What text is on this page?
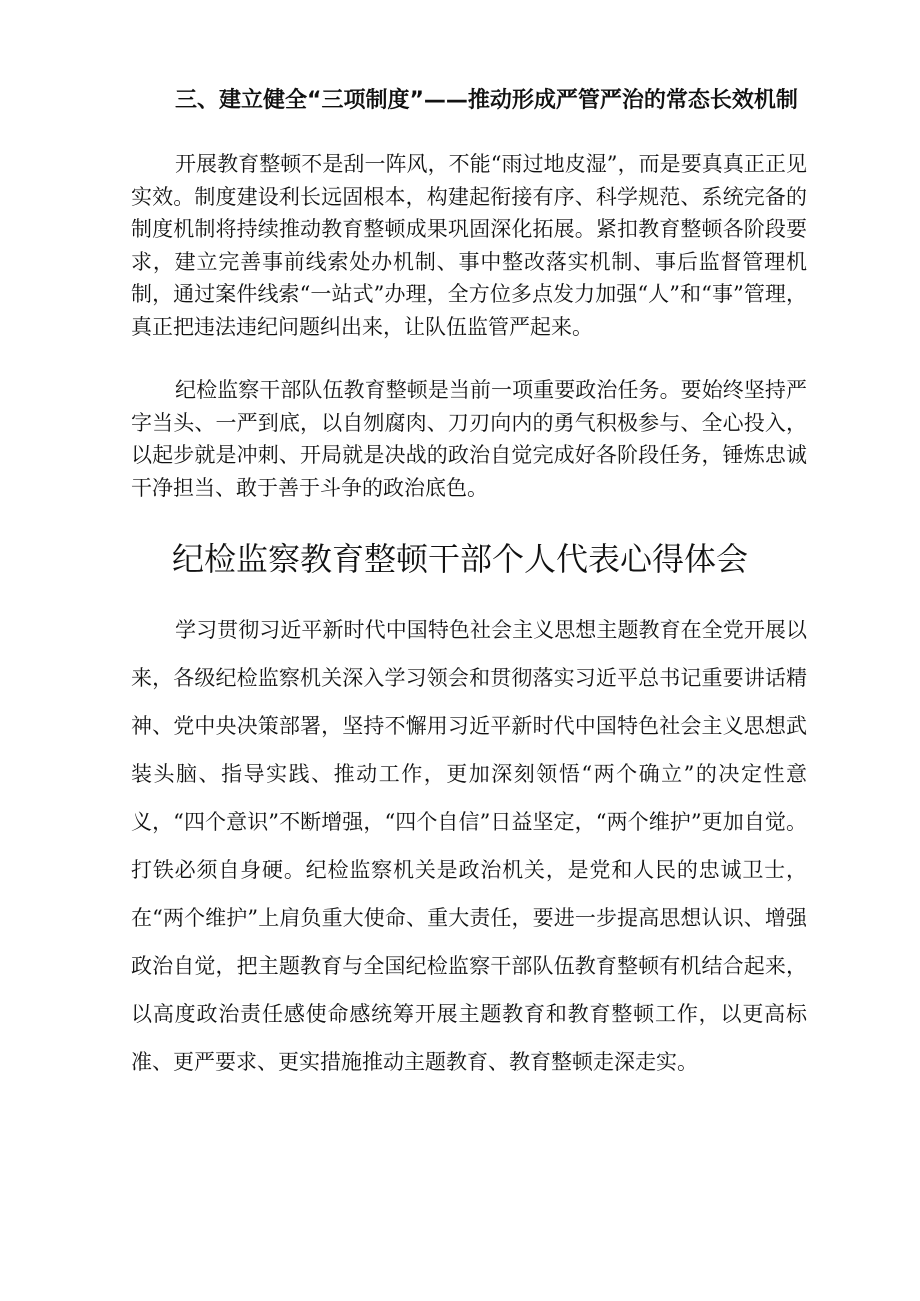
三、建立健全“三项制度”——推动形成严管严治的常态长效机制

开展教育整顿不是刮一阵风，不能“雨过地皮湿”，而是要真真正正见实效。制度建设利长远固根本，构建起衔接有序、科学规范、系统完备的制度机制将持续推动教育整顿成果巩固深化拓展。紧扣教育整顿各阶段要求，建立完善事前线索处办机制、事中整改落实机制、事后监督管理机制，通过案件线索“一站式”办理，全方位多点发力加强“人”和“事”管理，真正把违法违纪问题纠出来，让队伍监管严起来。

纪检监察干部队伍教育整顿是当前一项重要政治任务。要始终坚持严字当头、一严到底，以自刎腐肉、刀刃向内的勇气积极参与、全心投入，以起步就是冲刺、开局就是决战的政治自觉完成好各阶段任务，锤炼忠诚干净担当、敢于善于斗争的政治底色。

纪检监察教育整顿干部个人代表心得体会

学习贯彻习近平新时代中国特色社会主义思想主题教育在全党开展以来，各级纪检监察机关深入学习领会和贯彻落实习近平总书记重要讲话精神、党中央决策部署，坚持不懈用习近平新时代中国特色社会主义思想武装头脑、指导实践、推动工作，更加深刻领悟“两个确立”的决定性意义，“四个意识”不断增强，“四个自信”日益坚定，“两个维护”更加自觉。打铁必须自身硬。纪检监察机关是政治机关，是党和人民的忠诚卫士，在“两个维护”上肩负重大使命、重大责任，要进一步提高思想认识、增强政治自觉，把主题教育与全国纪检监察干部队伍教育整顿有机结合起来，以高度政治责任感使命感统筹开展主题教育和教育整顿工作，以更高标准、更严要求、更实措施推动主题教育、教育整顿走深走实。
